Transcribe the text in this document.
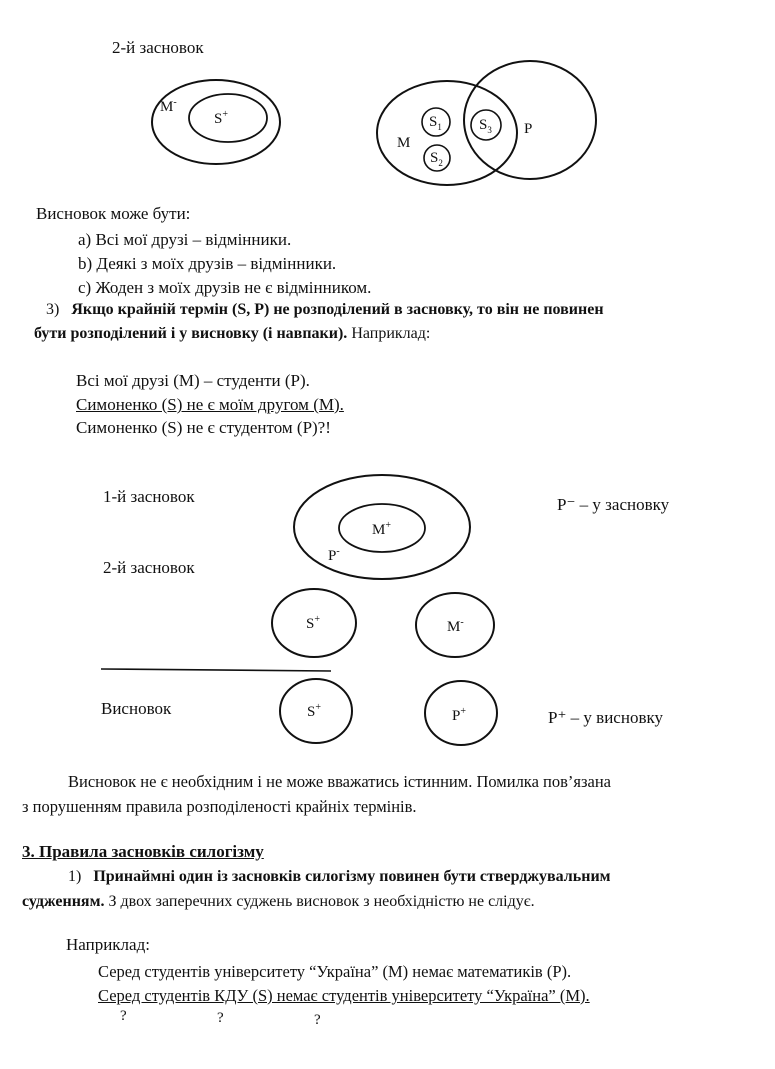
2-й засновок
M-
S+
M
P
$S_1$
$S_2$
$S_3$
Висновок може бути:
a) Всі мої друзі – відмінники.
b) Деякі з моїх друзів – відмінники.
c) Жоден з моїх друзів не є відмінником.
3) Якщо крайній термін (S, P) не розподілений в засновку, то він не повинен
бути розподілений і у висновку (і навпаки). Наприклад:
Всі мої друзі (М) – студенти (Р).
Симоненко (S) не є моїм другом (М).
Симоненко (S) не є студентом (Р)?!
1-й засновок
2-й засновок
Висновок
P⁻ – у засновку
P⁺ – у висновку
M+
P-
S+	M-
S+
P+
Висновок не є необхідним і не може вважатись істинним. Помилка пов’язана
з порушенням правила розподіленості крайніх термінів.
3. Правила засновків силогізму
1) Принаймні один із засновків силогізму повинен бути стверджувальним
судженням. З двох заперечних суджень висновок з необхідністю не слідує.
Наприклад:
Серед студентів університету “Україна” (М) немає математиків (Р).
Серед студентів КДУ (S) немає студентів університету “Україна” (М).
?	?	?
